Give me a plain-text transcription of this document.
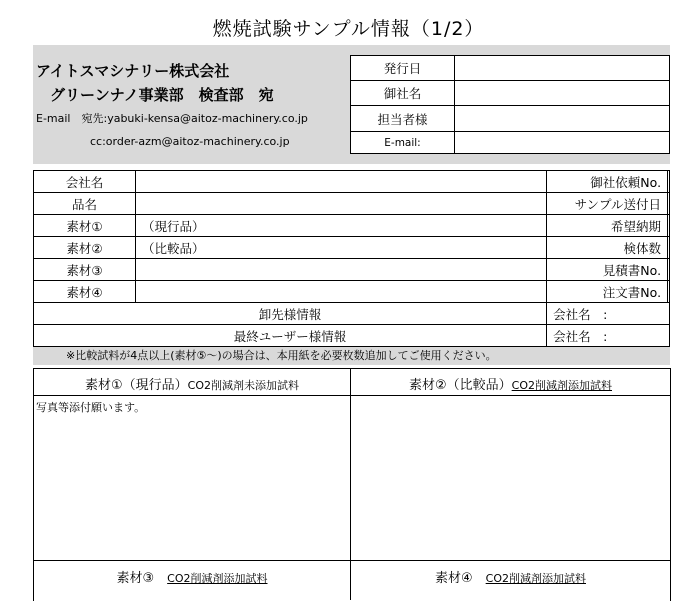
燃焼試験サンプル情報（1/2）
アイトスマシナリー株式会社
グリーンナノ事業部　検査部　宛
E-mail　宛先:yabuki-kensa@aitoz-machinery.co.jp
cc:order-azm@aitoz-machinery.co.jp
発行日	
御社名	
担当者様	
E-mail:	
会社名		御社依頼No.	
品名		サンプル送付日	
素材①	（現行品）	希望納期	
素材②	（比較品）	検体数	
素材③		見積書No.	
素材④		注文書No.	
卸先様情報		会社名　:	
最終ユーザー様情報		会社名　:	
※比較試料が4点以上(素材⑤～)の場合は、本用紙を必要枚数追加してご使用ください。
素材①（現行品）CO2削減剤未添加試料	素材②（比較品）CO2削減剤添加試料
写真等添付願います。
素材③　 CO2削減剤添加試料	素材④　 CO2削減剤添加試料
